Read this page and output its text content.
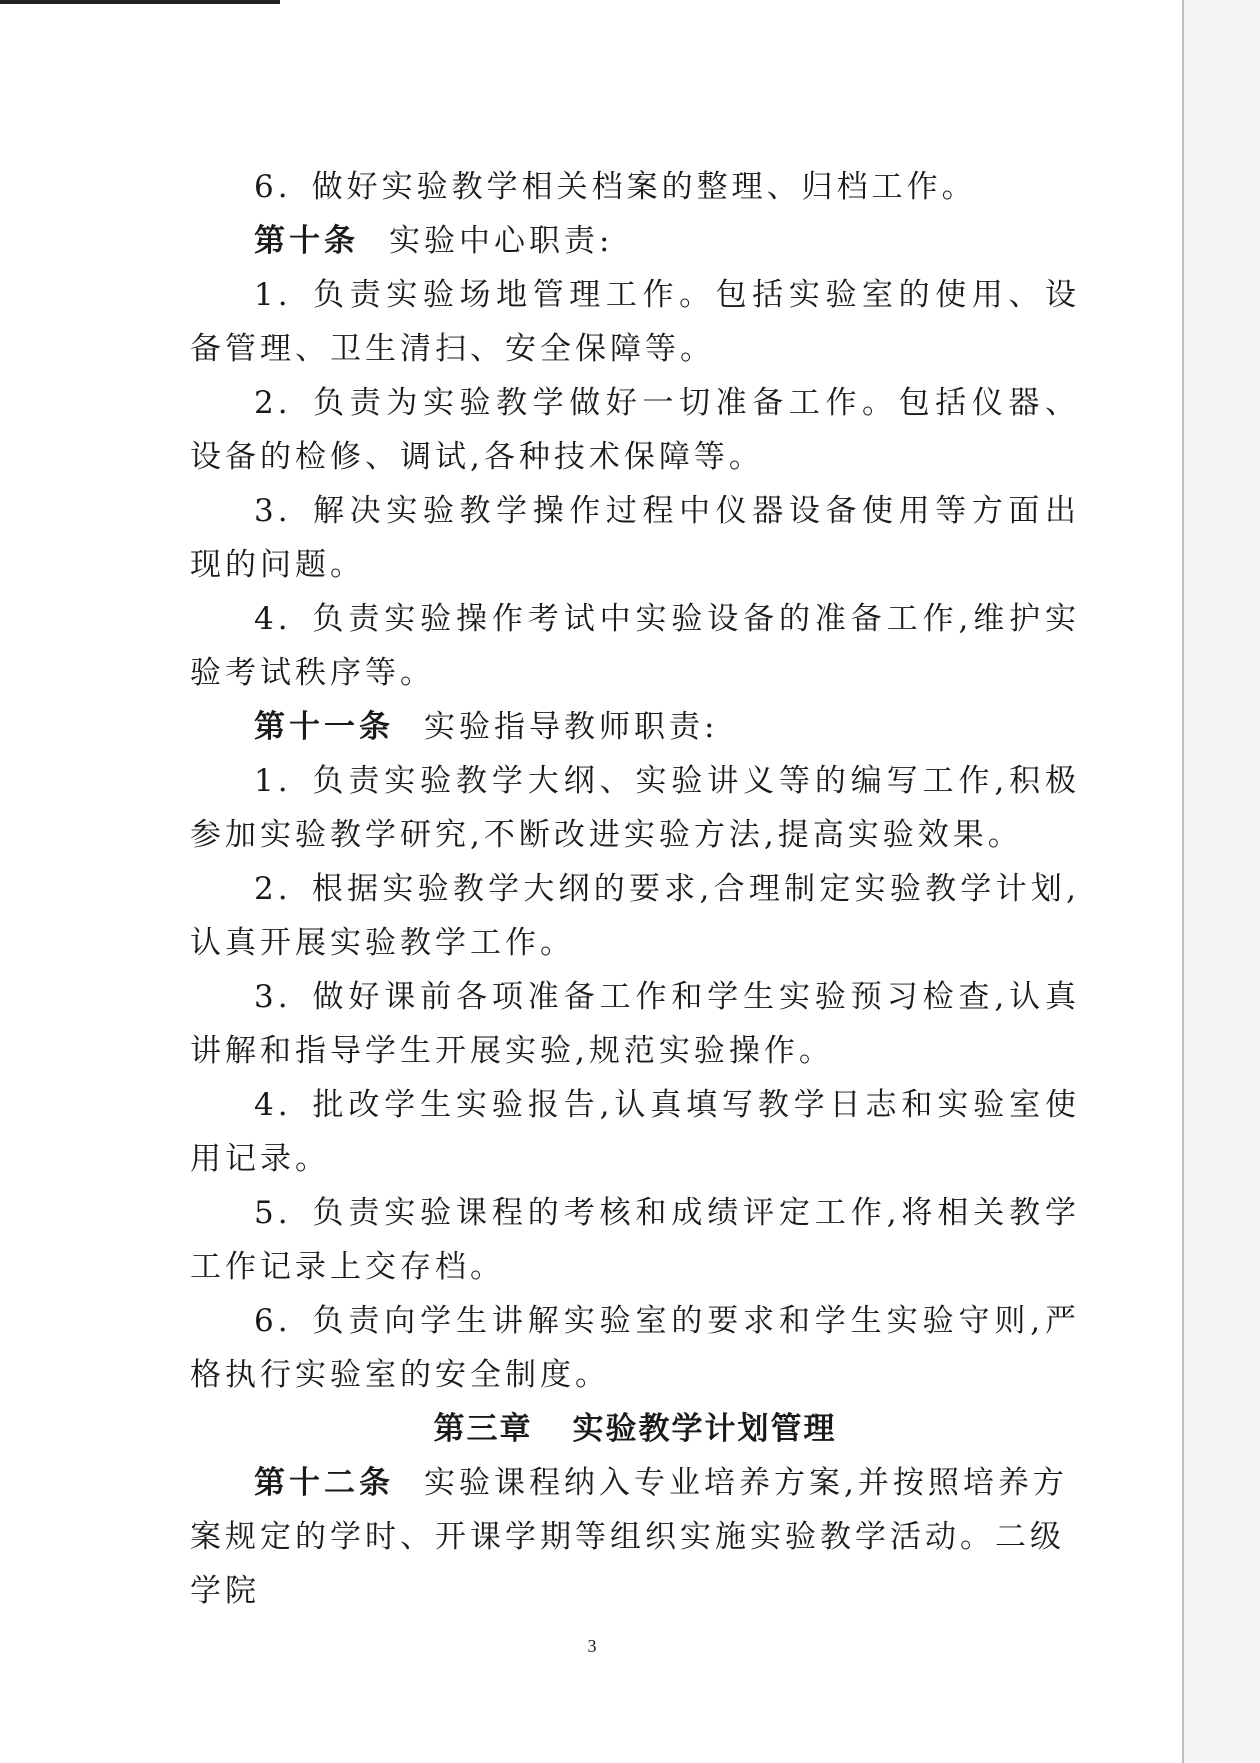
6. 做好实验教学相关档案的整理、归档工作。

第十条 实验中心职责:

1. 负责实验场地管理工作。包括实验室的使用、设备管理、卫生清扫、安全保障等。

2. 负责为实验教学做好一切准备工作。包括仪器、设备的检修、调试,各种技术保障等。

3. 解决实验教学操作过程中仪器设备使用等方面出现的问题。

4. 负责实验操作考试中实验设备的准备工作,维护实验考试秩序等。

第十一条 实验指导教师职责:

1. 负责实验教学大纲、实验讲义等的编写工作,积极参加实验教学研究,不断改进实验方法,提高实验效果。

2. 根据实验教学大纲的要求,合理制定实验教学计划,认真开展实验教学工作。

3. 做好课前各项准备工作和学生实验预习检查,认真讲解和指导学生开展实验,规范实验操作。

4. 批改学生实验报告,认真填写教学日志和实验室使用记录。

5. 负责实验课程的考核和成绩评定工作,将相关教学工作记录上交存档。

6. 负责向学生讲解实验室的要求和学生实验守则,严格执行实验室的安全制度。

第三章 实验教学计划管理

第十二条 实验课程纳入专业培养方案,并按照培养方案规定的学时、开课学期等组织实施实验教学活动。二级学院

3
